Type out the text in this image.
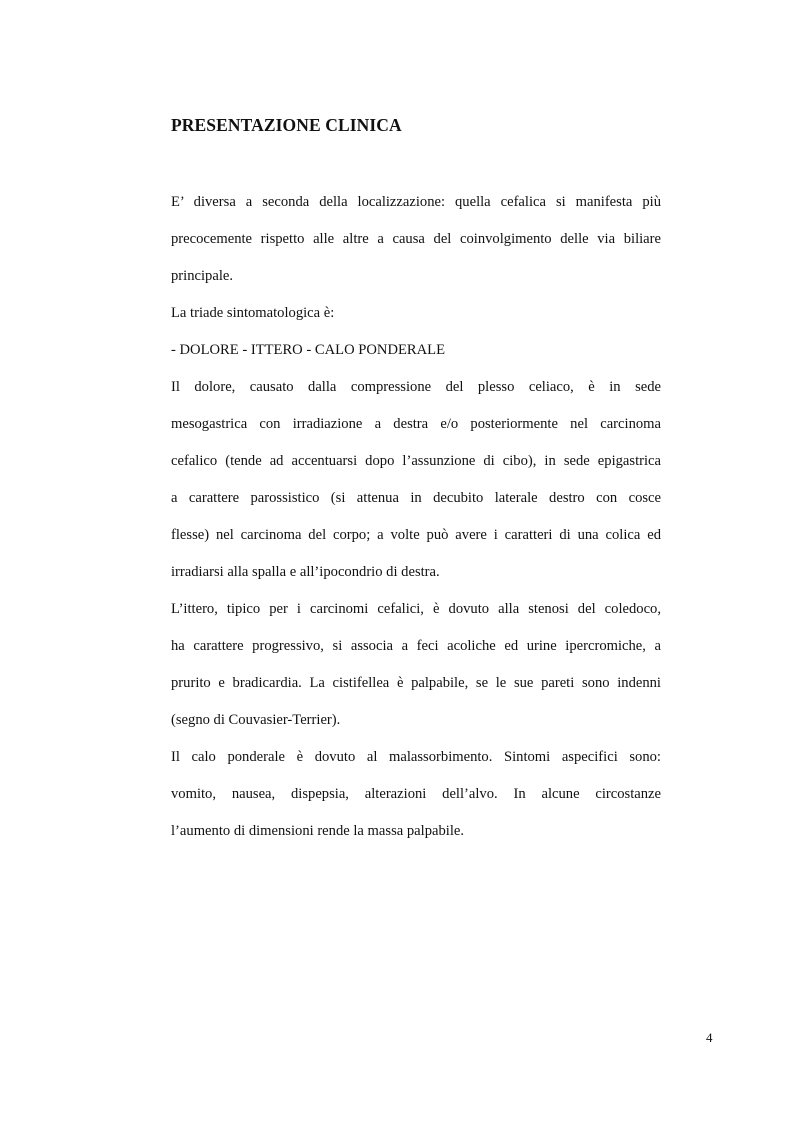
PRESENTAZIONE CLINICA
E’ diversa a seconda della localizzazione: quella cefalica si manifesta più
precocemente rispetto alle altre a causa del coinvolgimento delle via biliare
principale.
La triade sintomatologica è:
- DOLORE - ITTERO - CALO PONDERALE
Il dolore, causato dalla compressione del plesso celiaco, è in sede
mesogastrica con irradiazione a destra e/o posteriormente nel carcinoma
cefalico (tende ad accentuarsi dopo l’assunzione di cibo), in sede epigastrica
a carattere parossistico (si attenua in decubito laterale destro con cosce
flesse) nel carcinoma del corpo; a volte può avere i caratteri di una colica ed
irradiarsi alla spalla e all’ipocondrio di destra.
L’ittero, tipico per i carcinomi cefalici, è dovuto alla stenosi del coledoco,
ha carattere progressivo, si associa a feci acoliche ed urine ipercromiche, a
prurito e bradicardia. La cistifellea è palpabile, se le sue pareti sono indenni
(segno di Couvasier-Terrier).
Il calo ponderale è dovuto al malassorbimento. Sintomi aspecifici sono:
vomito, nausea, dispepsia, alterazioni dell’alvo. In alcune circostanze
l’aumento di dimensioni rende la massa palpabile.
4
